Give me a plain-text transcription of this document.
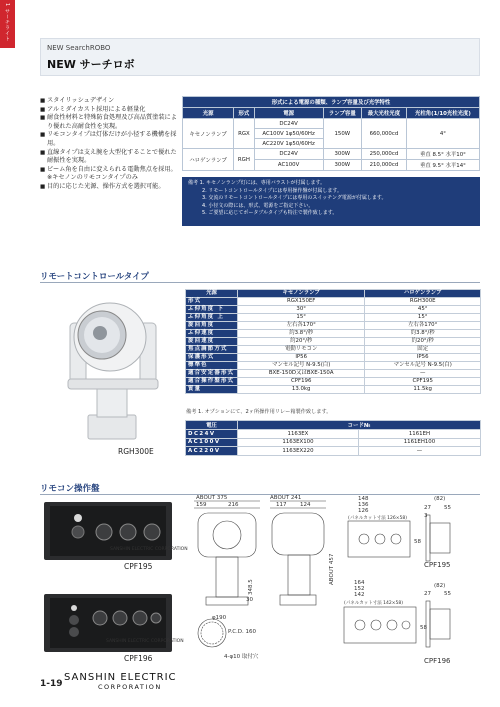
1 サーチライト
NEW SearchROBO
NEW サーチロボ
■ スタイリッシュデザイン
■ アルミダイカスト採用による軽量化
■ 耐食性材料と特殊防食処理及び高品質塗装により優れた高耐食性を実現。
■ リモコンタイプは灯体だけが小径する機構を採用。
■ 直線タイプは支え腕を大型化することで優れた耐振性を実現。
■ ビーム角を自由に変えられる電動焦点を採用。※キセノンのリモコンタイプのみ
■ 目的に応じた光源、操作方式を選択可能。
形式による電源の種類、ランプ容量及び光学特性					
光源	形式	電源	ランプ容量	最大光柱光度	光柱角(1/10光柱光度)
キセノンランプ	RGX	DC24V	150W	660,000cd	4°
		AC100V 1φ50/60Hz			
		AC220V 1φ50/60Hz			
ハロゲンランプ	RGH	DC24V	300W	250,000cd	垂直 8.5° 水平10°
		AC100V	300W	210,000cd	垂直 9.5° 水平14°
備考 1. キセノンランプ灯には、専用バラストが付属します。
2. リモートコントロールタイプには専用操作盤が付属します。
3. 交流のリモートコントロールタイプには専用のスイッチング電源が付属します。
4. 小径文の際には、形式、電源をご指定下さい。
5. ご要望に応じてポータブルタイプも特注で製作致します。
リモートコントロールタイプ
RGH300E
光源	キセノンランプ	ハロゲンランプ
形式	RGX150EF	RGH300E
ふ仰角度 下	30°	45°
ふ仰角度 上	15°	15°
旋回角度	左右各170°	左右各170°
ふ仰速度	約3.8°/秒	約3.8°/秒
旋回速度	約20°/秒	約20°/秒
焦点調節方式	電動リモコン	固定
保護形式	IP56	IP56
標準色	マンセル記号 N-9.5(白)	マンセル記号 N-9.5(白)
適合安定器形式	BXE-150D又はBXE-150A	—
適合操作盤形式	CPF196	CPF195
質量	13.0kg	11.5kg
備考 1. オプションにて、2ヶ所操作用リレー箱製作致します。
電圧	コード№	
DC24V	1163EX	1161EH
AC100V	1163EX100	1161EH100
AC220V	1163EX220	—
リモコン操作盤
SANSHIN ELECTRIC CORPORATION
CPF195
SANSHIN ELECTRIC CORPORATION
CPF196
ABOUT 375
159	216
φ190
P.C.D. 160
4-φ10 取付穴
348.5
30
ABOUT 241
117 124
ABOUT 457
148
136
126
(パネルカット寸法 126×58)
58
(82)
27 55
3
CPF195
164
152
142
(パネルカット寸法 142×58)
58
(82)
27 55
CPF196
1-19
SANSHIN ELECTRIC
CORPORATION
